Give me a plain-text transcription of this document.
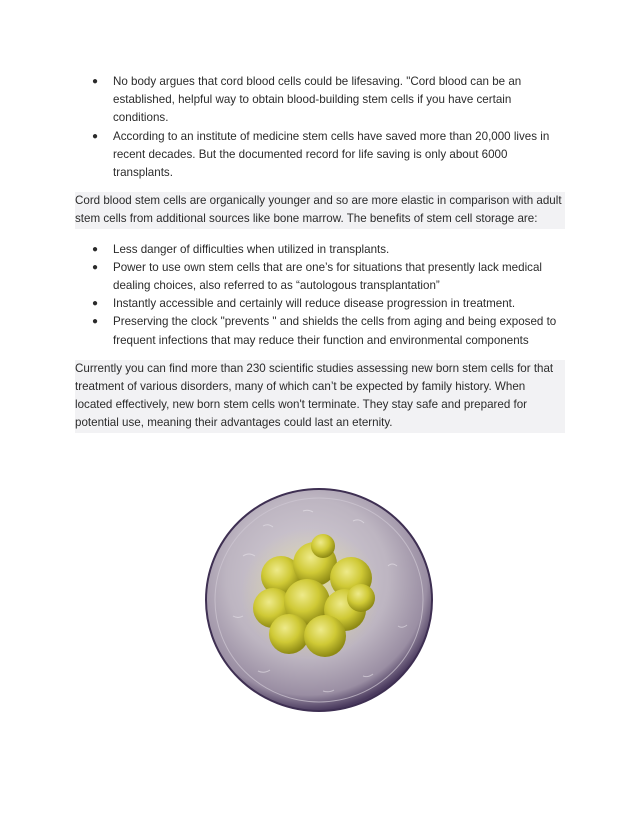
● No body argues that cord blood cells could be lifesaving. "Cord blood can be an established, helpful way to obtain blood-building stem cells if you have certain conditions.
● According to an institute of medicine stem cells have saved more than 20,000 lives in recent decades. But the documented record for life saving is only about 6000 transplants.

Cord blood stem cells are organically younger and so are more elastic in comparison with adult stem cells from additional sources like bone marrow. The benefits of stem cell storage are:

● Less danger of difficulties when utilized in transplants.
● Power to use own stem cells that are one’s for situations that presently lack medical dealing choices, also referred to as “autologous transplantation”
● Instantly accessible and certainly will reduce disease progression in treatment.
● Preserving the clock "prevents " and shields the cells from aging and being exposed to frequent infections that may reduce their function and environmental components

Currently you can find more than 230 scientific studies assessing new born stem cells for that treatment of various disorders, many of which can’t be expected by family history. When located effectively, new born stem cells won't terminate. They stay safe and prepared for potential use, meaning their advantages could last an eternity.
